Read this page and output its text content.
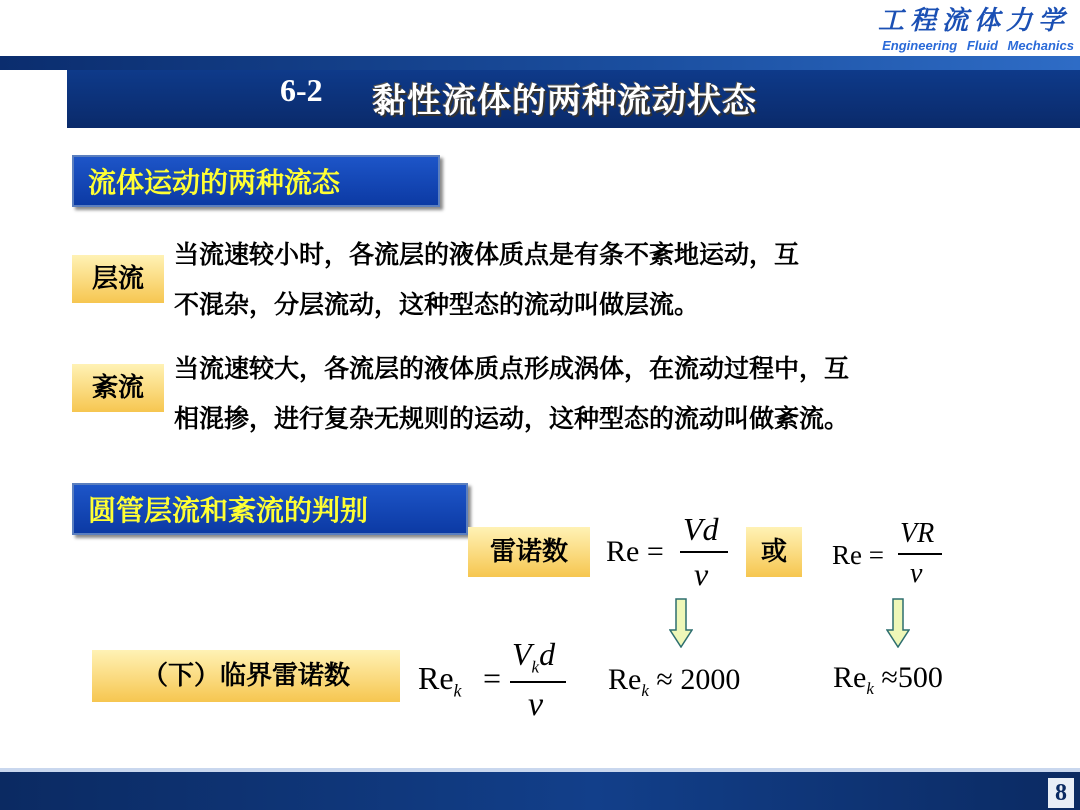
工程流体力学
Engineering Fluid Mechanics
6-2 黏性流体的两种流动状态
流体运动的两种流态
层流
当流速较小时，各流层的液体质点是有条不紊地运动，互
不混杂，分层流动，这种型态的流动叫做层流。
紊流
当流速较大，各流层的液体质点形成涡体，在流动过程中，互
相混掺，进行复杂无规则的运动，这种型态的流动叫做紊流。
圆管层流和紊流的判别
雷诺数	Re =
Vd
ν
或	Re =
VR
ν
（下）临界雷诺数	$Re_k$ =
$V_kd$
ν
$Re_k \approx 2000$	$Re_k \approx 500$
8
